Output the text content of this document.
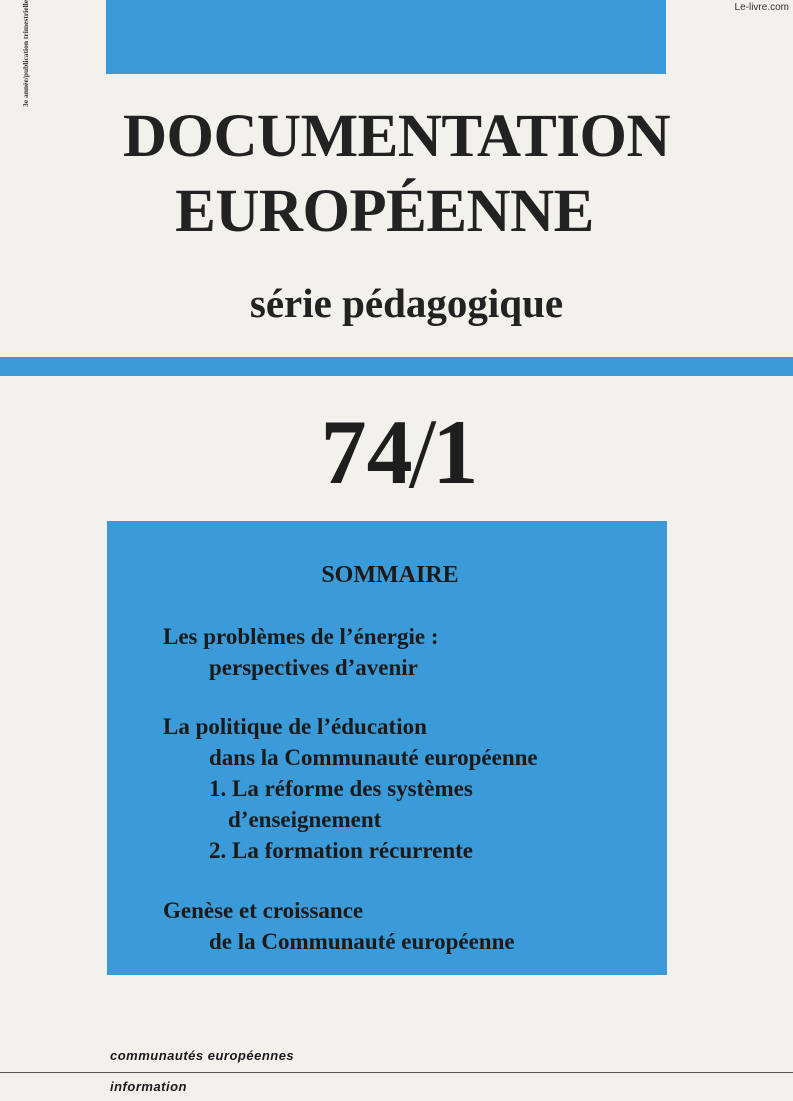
Le-livre.com
3e année/publication trimestrielle
DOCUMENTATION
EUROPÉENNE
série pédagogique
74/1
SOMMAIRE
Les problèmes de l’énergie :
perspectives d’avenir
La politique de l’éducation
dans la Communauté européenne
1. La réforme des systèmes
d’enseignement
2. La formation récurrente
Genèse et croissance
de la Communauté européenne
communautés européennes
information
